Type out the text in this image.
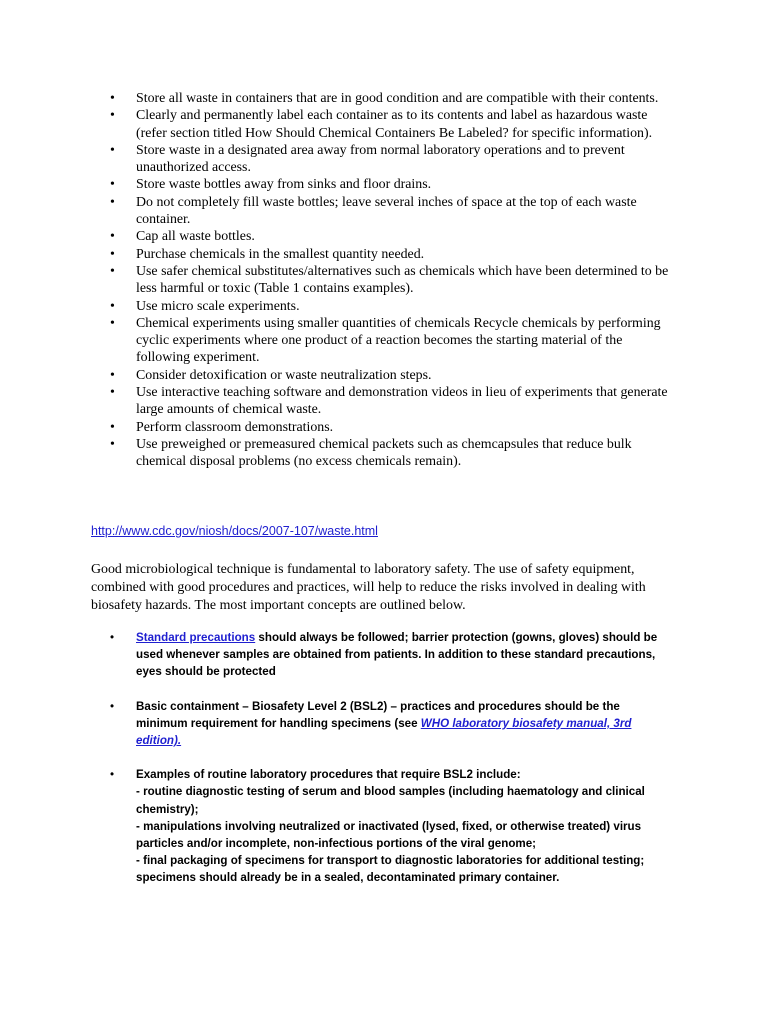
• Store all waste in containers that are in good condition and are compatible with their contents.
• Clearly and permanently label each container as to its contents and label as hazardous waste (refer section titled How Should Chemical Containers Be Labeled? for specific information).
• Store waste in a designated area away from normal laboratory operations and to prevent unauthorized access.
• Store waste bottles away from sinks and floor drains.
• Do not completely fill waste bottles; leave several inches of space at the top of each waste container.
• Cap all waste bottles.
• Purchase chemicals in the smallest quantity needed.
• Use safer chemical substitutes/alternatives such as chemicals which have been determined to be less harmful or toxic (Table 1 contains examples).
• Use micro scale experiments.
• Chemical experiments using smaller quantities of chemicals Recycle chemicals by performing cyclic experiments where one product of a reaction becomes the starting material of the following experiment.
• Consider detoxification or waste neutralization steps.
• Use interactive teaching software and demonstration videos in lieu of experiments that generate large amounts of chemical waste.
• Perform classroom demonstrations.
• Use preweighed or premeasured chemical packets such as chemcapsules that reduce bulk chemical disposal problems (no excess chemicals remain).
http://www.cdc.gov/niosh/docs/2007-107/waste.html

Good microbiological technique is fundamental to laboratory safety. The use of safety equipment, combined with good procedures and practices, will help to reduce the risks involved in dealing with biosafety hazards. The most important concepts are outlined below.

• Standard precautions should always be followed; barrier protection (gowns, gloves) should be used whenever samples are obtained from patients. In addition to these standard precautions, eyes should be protected
• Basic containment – Biosafety Level 2 (BSL2) – practices and procedures should be the minimum requirement for handling specimens (see WHO laboratory biosafety manual, 3rd edition).
• Examples of routine laboratory procedures that require BSL2 include:
- routine diagnostic testing of serum and blood samples (including haematology and clinical chemistry);
- manipulations involving neutralized or inactivated (lysed, fixed, or otherwise treated) virus particles and/or incomplete, non-infectious portions of the viral genome;
- final packaging of specimens for transport to diagnostic laboratories for additional testing; specimens should already be in a sealed, decontaminated primary container.
